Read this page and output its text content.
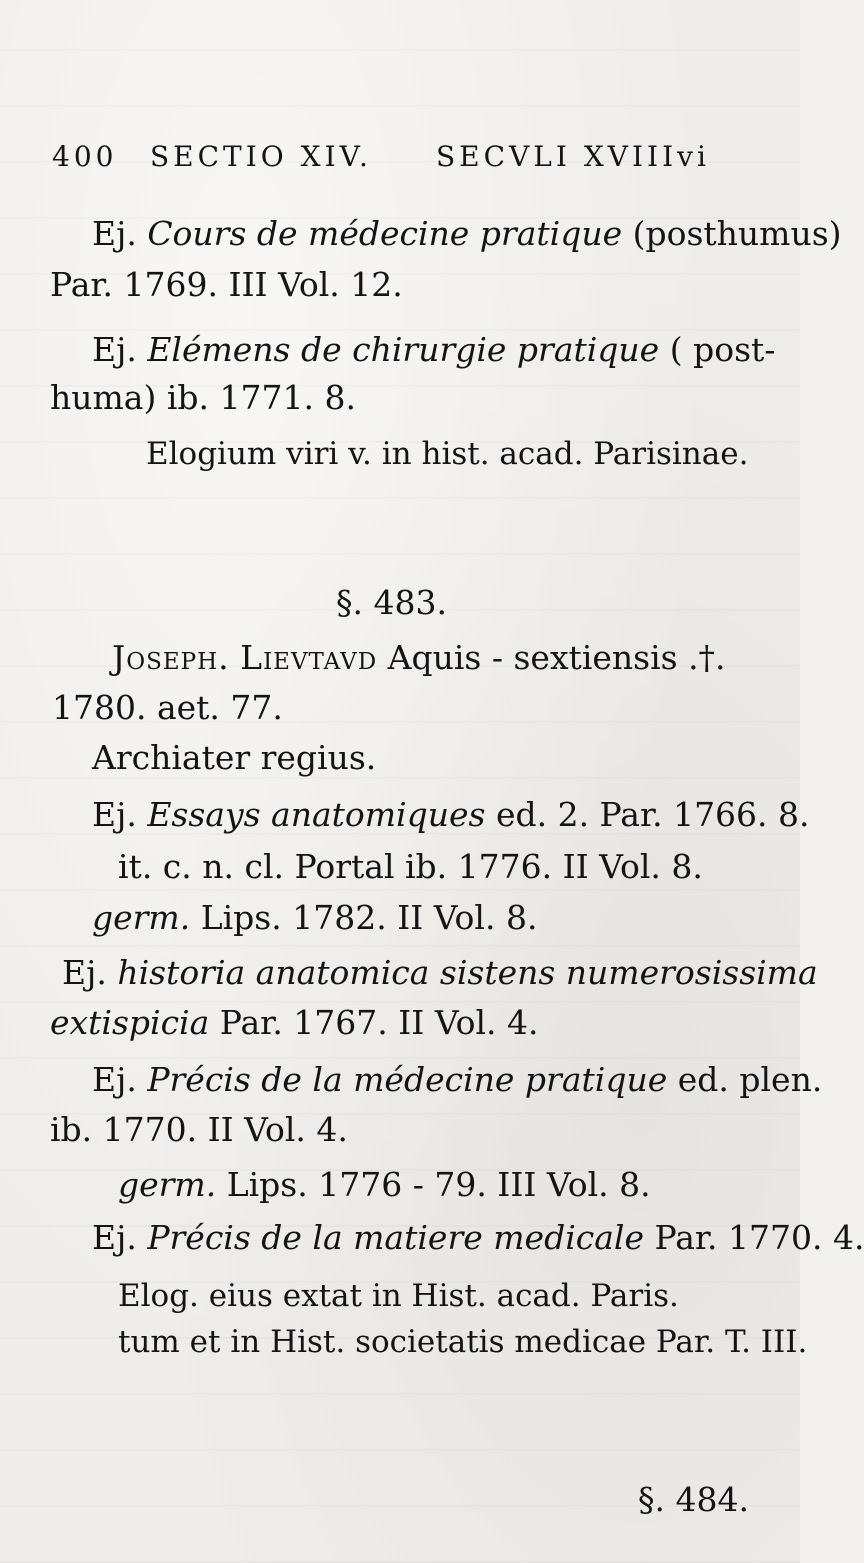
400 SECTIO XIV. SECVLI XVIIIvi
Ej. Cours de médecine pratique (posthumus)
Par. 1769. III Vol. 12.
Ej. Elémens de chirurgie pratique ( post-
huma) ib. 1771. 8.
Elogium viri v. in hist. acad. Parisinae.
§. 483.
Joseph. Lievtavd Aquis - sextiensis .†.
1780. aet. 77.
Archiater regius.
Ej. Essays anatomiques ed. 2. Par. 1766. 8.
it. c. n. cl. Portal ib. 1776. II Vol. 8.
germ. Lips. 1782. II Vol. 8.
Ej. historia anatomica sistens numerosissima
extispicia Par. 1767. II Vol. 4.
Ej. Précis de la médecine pratique ed. plen.
ib. 1770. II Vol. 4.
germ. Lips. 1776 - 79. III Vol. 8.
Ej. Précis de la matiere medicale Par. 1770. 4.
Elog. eius extat in Hist. acad. Paris.
tum et in Hist. societatis medicae Par. T. III.
§. 484.
